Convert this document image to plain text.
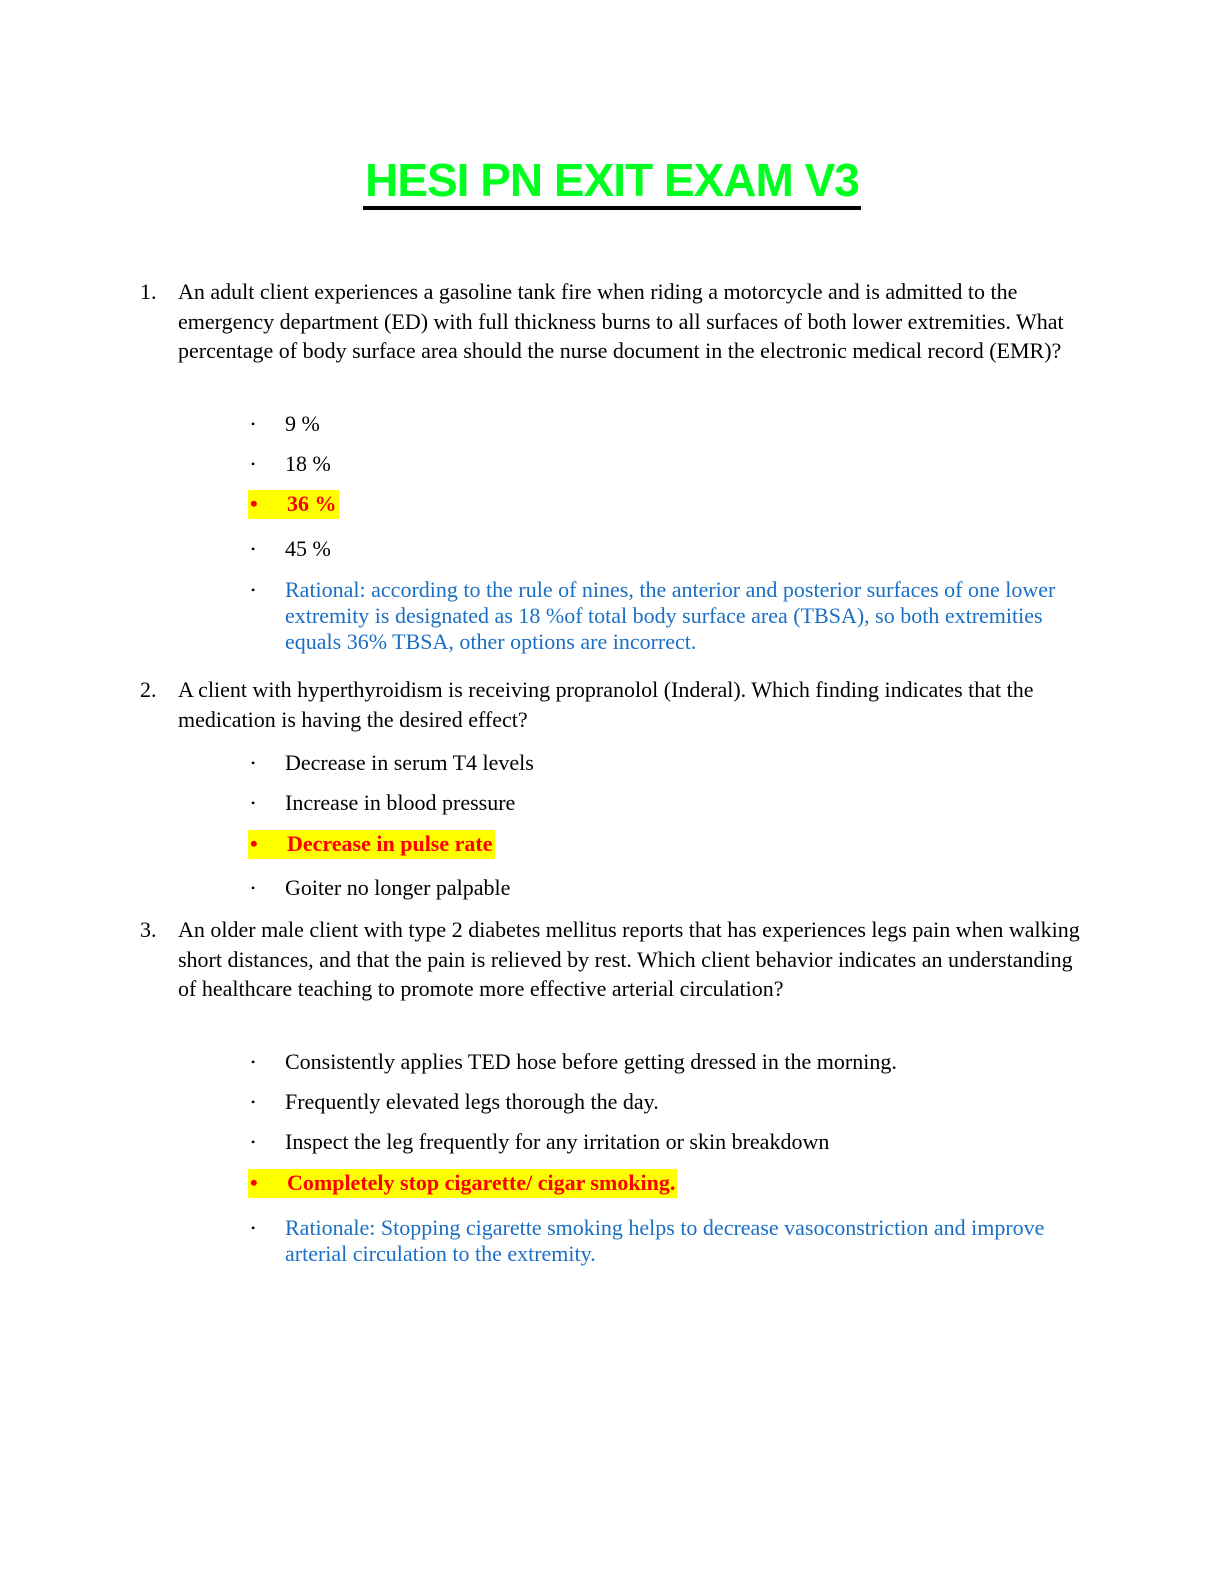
HESI PN EXIT EXAM V3
1. An adult client experiences a gasoline tank fire when riding a motorcycle and is admitted to the emergency department (ED) with full thickness burns to all surfaces of both lower extremities. What percentage of body surface area should the nurse document in the electronic medical record (EMR)?
•	9 %
•	18 %
• 36 %
•	45 %
•	Rational: according to the rule of nines, the anterior and posterior surfaces of one lower extremity is designated as 18 %of total body surface area (TBSA), so both extremities equals 36% TBSA, other options are incorrect.
2. A client with hyperthyroidism is receiving propranolol (Inderal). Which finding indicates that the medication is having the desired effect?
•	Decrease in serum T4 levels
•	Increase in blood pressure
• Decrease in pulse rate
•	Goiter no longer palpable
3. An older male client with type 2 diabetes mellitus reports that has experiences legs pain when walking short distances, and that the pain is relieved by rest. Which client behavior indicates an understanding of healthcare teaching to promote more effective arterial circulation?
•	Consistently applies TED hose before getting dressed in the morning.
•	Frequently elevated legs thorough the day.
•	Inspect the leg frequently for any irritation or skin breakdown
• Completely stop cigarette/ cigar smoking.
•	Rationale: Stopping cigarette smoking helps to decrease vasoconstriction and improve arterial circulation to the extremity.
